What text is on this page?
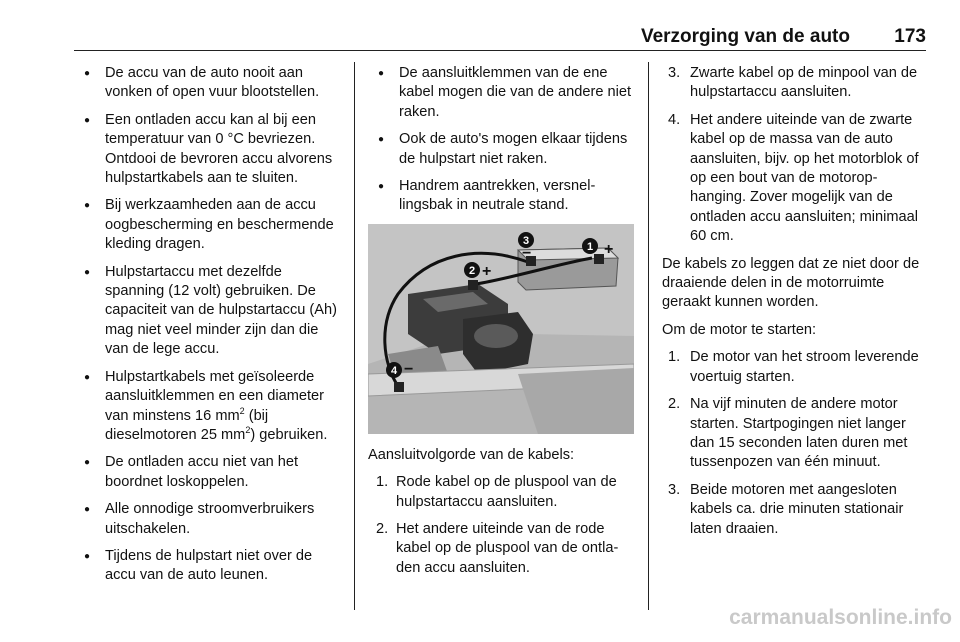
Verzorging van de auto	173
● De accu van de auto nooit aan vonken of open vuur blootstellen.
● Een ontladen accu kan al bij een temperatuur van 0 °C bevriezen. Ontdooi de bevroren accu alvorens hulpstartkabels aan te sluiten.
● Bij werkzaamheden aan de accu oogbescherming en beschermende kleding dragen.
● Hulpstartaccu met dezelfde spanning (12 volt) gebruiken. De capaciteit van de hulpstartaccu (Ah) mag niet veel minder zijn dan die van de lege accu.
● Hulpstartkabels met geïsoleerde aansluitklemmen en een diameter van minstens 16 $mm^2$ (bij dieselmotoren 25 $mm^2$) gebruiken.
● De ontladen accu niet van het boordnet loskoppelen.
● Alle onnodige stroomverbruikers uitschakelen.
● Tijdens de hulpstart niet over de accu van de auto leunen.
● De aansluitklemmen van de ene kabel mogen die van de andere niet raken.
● Ook de auto's mogen elkaar tijdens de hulpstart niet raken.
● Handrem aantrekken, versnellingsbak in neutrale stand.
1 +
2 +
3
−
4 −

Aansluitvolgorde van de kabels:

1. Rode kabel op de pluspool van de hulpstartaccu aansluiten.
2. Het andere uiteinde van de rode kabel op de pluspool van de ontladen accu aansluiten.
3. Zwarte kabel op de minpool van de hulpstartaccu aansluiten.
4. Het andere uiteinde van de zwarte kabel op de massa van de auto aansluiten, bijv. op het motorblok of op een bout van de motorophanging. Zover mogelijk van de ontladen accu aansluiten; minimaal 60 cm.

De kabels zo leggen dat ze niet door de draaiende delen in de motorruimte geraakt kunnen worden.

Om de motor te starten:

1. De motor van het stroom leverende voertuig starten.
2. Na vijf minuten de andere motor starten. Startpogingen niet langer dan 15 seconden laten duren met tussenpozen van één minuut.
3. Beide motoren met aangesloten kabels ca. drie minuten stationair laten draaien.
carmanualsonline.info
